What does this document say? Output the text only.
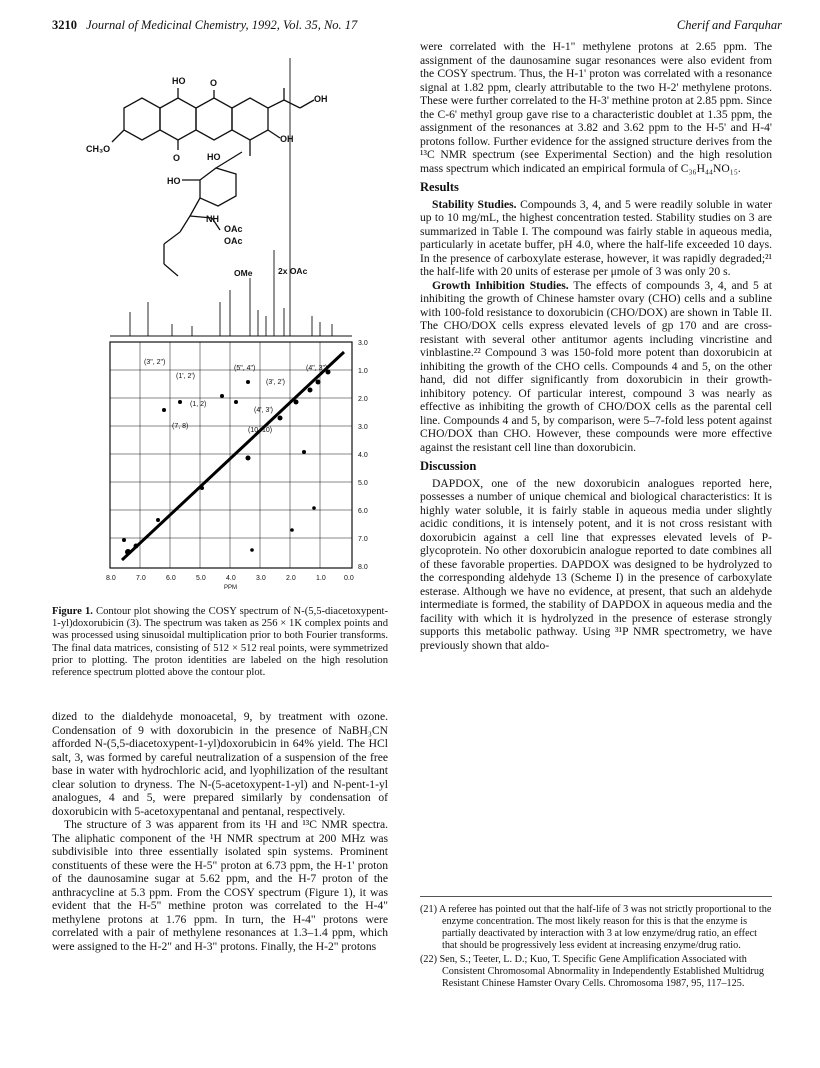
3210 Journal of Medicinal Chemistry, 1992, Vol. 35, No. 17	Cherif and Farquhar
HO	O
OH
OH
CH₃O
O	HO
HO
NH
OAc
OAc
OMe	2x OAc
(3", 2")
(1', 2')
(5", 4")	(4", 3")
(3', 2')
(4', 3')
(1, 2)
(7, 8)
(10, 10)
3.0
1.0
2.0
3.0
4.0
5.0
6.0
7.0
8.0
8.0	7.0	6.0	5.0	4.0	3.0	2.0	1.0	0.0
PPM
Figure 1. Contour plot showing the COSY spectrum of N-(5,5-diacetoxypent-1-yl)doxorubicin (3). The spectrum was taken as 256 × 1K complex points and was processed using sinusoidal multiplication prior to both Fourier transforms. The final data matrices, consisting of 512 × 512 real points, were symmetrized prior to plotting. The proton identities are labeled on the high resolution reference spectrum plotted above the contour plot.

dized to the dialdehyde monoacetal, 9, by treatment with ozone. Condensation of 9 with doxorubicin in the presence of NaBH₃CN afforded N-(5,5-diacetoxypent-1-yl)doxorubicin in 64% yield. The HCl salt, 3, was formed by careful neutralization of a suspension of the free base in water with hydrochloric acid, and lyophilization of the resultant clear solution to dryness. The N-(5-acetoxypent-1-yl) and N-pent-1-yl analogues, 4 and 5, were prepared similarly by condensation of doxorubicin with 5-acetoxypentanal and pentanal, respectively.

The structure of 3 was apparent from its ¹H and ¹³C NMR spectra. The aliphatic component of the ¹H NMR spectrum at 200 MHz was subdivisible into three essentially isolated spin systems. Prominent constituents of these were the H-5" proton at 6.73 ppm, the H-1' proton of the daunosamine sugar at 5.62 ppm, and the H-7 proton of the anthracycline at 5.3 ppm. From the COSY spectrum (Figure 1), it was evident that the H-5" methine proton was correlated to the H-4" methylene protons at 1.76 ppm. In turn, the H-4" protons were correlated with a pair of methylene resonances at 1.3–1.4 ppm, which were assigned to the H-2" and H-3" protons. Finally, the H-2" protons

were correlated with the H-1" methylene protons at 2.65 ppm. The assignment of the daunosamine sugar resonances were also evident from the COSY spectrum. Thus, the H-1' proton was correlated with a resonance signal at 1.82 ppm, clearly attributable to the two H-2' methylene protons. These were further correlated to the H-3' methine proton at 2.85 ppm. Since the C-6' methyl group gave rise to a characteristic doublet at 1.35 ppm, the assignment of the resonances at 3.82 and 3.62 ppm to the H-5' and H-4' protons follow. Further evidence for the assigned structure derives from the ¹³C NMR spectrum (see Experimental Section) and the high resolution mass spectrum which indicated an empirical formula of C₃₆H₄₄NO₁₅.

Results

Stability Studies. Compounds 3, 4, and 5 were readily soluble in water up to 10 mg/mL, the highest concentration tested. Stability studies on 3 are summarized in Table I. The compound was fairly stable in aqueous media, particularly in acetate buffer, pH 4.0, where the half-life exceeded 10 days. In the presence of carboxylate esterase, however, it was rapidly degraded;²¹ the half-life with 20 units of esterase per μmole of 3 was only 20 s.

Growth Inhibition Studies. The effects of compounds 3, 4, and 5 at inhibiting the growth of Chinese hamster ovary (CHO) cells and a subline with 100-fold resistance to doxorubicin (CHO/DOX) are shown in Table II. The CHO/DOX cells express elevated levels of gp 170 and are cross-resistant with several other antitumor agents including vincristine and vinblastine.²² Compound 3 was 150-fold more potent than doxorubicin at inhibiting the growth of the CHO cells. Compounds 4 and 5, on the other hand, did not differ significantly from doxorubicin in their growth-inhibitory potency. Of particular interest, compound 3 was nearly as effective as inhibiting the growth of CHO/DOX cells as the parental cell line. Compounds 4 and 5, by comparison, were 5–7-fold less potent against CHO/DOX than CHO. However, these compounds were more effective against the resistant cell line than doxorubicin.

Discussion

DAPDOX, one of the new doxorubicin analogues reported here, possesses a number of unique chemical and biological characteristics: It is highly water soluble, it is fairly stable in aqueous media under slightly acidic conditions, it is intensely potent, and it is not cross resistant with doxorubicin against a cell line that expresses elevated levels of P-glycoprotein. No other doxorubicin analogue reported to date combines all of these favorable properties. DAPDOX was designed to be hydrolyzed to the corresponding aldehyde 13 (Scheme I) in the presence of carboxylate esterase. Although we have no evidence, at present, that such an aldehyde intermediate is formed, the stability of DAPDOX in aqueous media and the facility with which it is hydrolyzed in the presence of esterase strongly supports this metabolic pathway. Using ³¹P NMR spectrometry, we have previously shown that aldo-

(21) A referee has pointed out that the half-life of 3 was not strictly proportional to the enzyme concentration. The most likely reason for this is that the enzyme is partially deactivated by interaction with 3 at low enzyme/drug ratio, an effect that should be progressively less evident at increasing enzyme/drug ratio.
(22) Sen, S.; Teeter, L. D.; Kuo, T. Specific Gene Amplification Associated with Consistent Chromosomal Abnormality in Independently Established Multidrug Resistant Chinese Hamster Ovary Cells. Chromosoma 1987, 95, 117–125.
